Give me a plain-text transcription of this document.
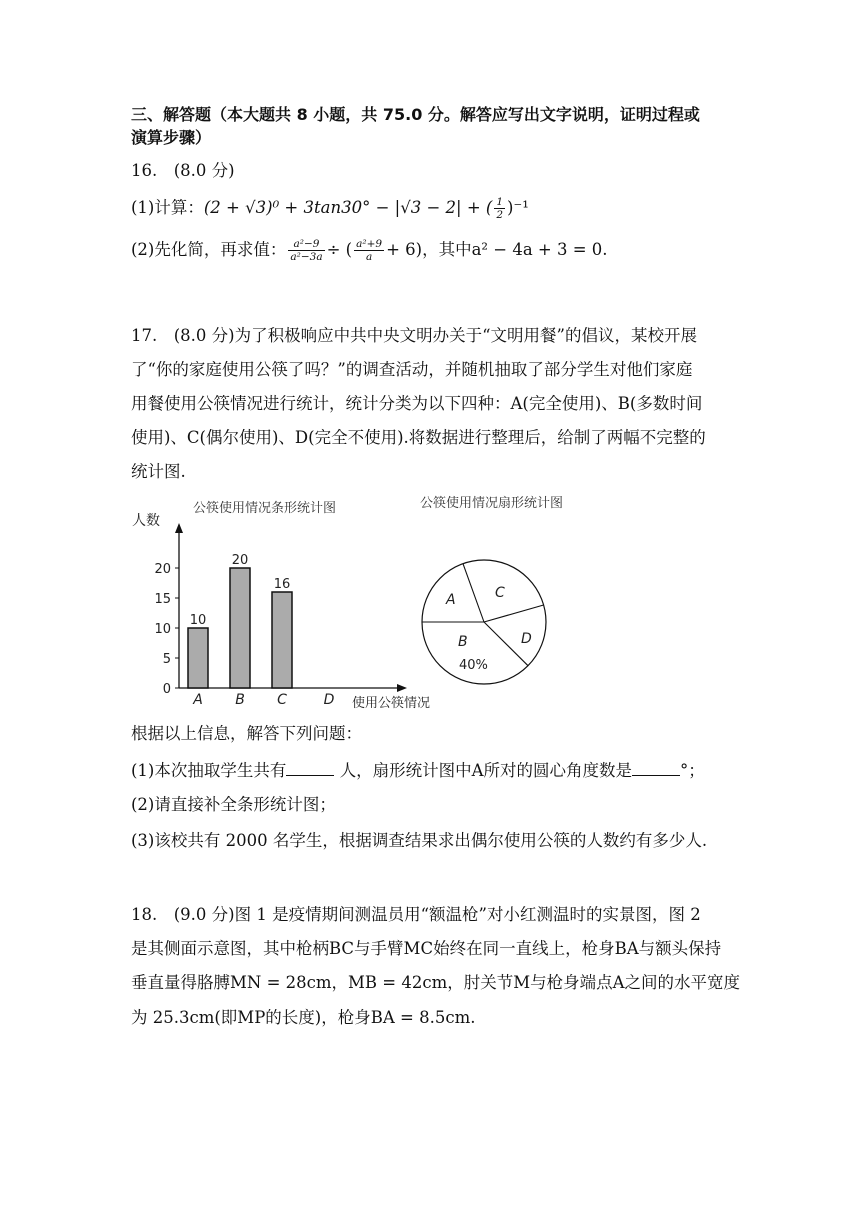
三、解答题（本大题共 8 小题，共 75.0 分。解答应写出文字说明，证明过程或
演算步骤）
16.　(8.0 分)
(1)计算：(2 + √3)⁰ + 3tan30° − |√3 − 2| + ( $\frac{1}{2} )^{-1}$
(2)先化简，再求值： $\frac{\text{a²−9}}{\text{a²−3a}}$ ÷ ( $\frac{\text{a²+9}}{a} + 6$)，其中a² − 4a + 3 = 0.
17.　(8.0 分)为了积极响应中共中央文明办关于“文明用餐”的倡议，某校开展
了“你的家庭使用公筷了吗？”的调查活动，并随机抽取了部分学生对他们家庭
用餐使用公筷情况进行统计，统计分类为以下四种：A(完全使用)、B(多数时间
使用)、C(偶尔使用)、D(完全不使用).将数据进行整理后，给制了两幅不完整的
统计图.
公筷使用情况条形统计图
人数
使用公筷情况
0
5
10
15
20
10
A
20
B
16
C	D
公筷使用情况扇形统计图
A
B
C
D
40%
根据以上信息，解答下列问题：
(1)本次抽取学生共有	人，扇形统计图中A所对的圆心角度数是	°；
(2)请直接补全条形统计图；
(3)该校共有 2000 名学生，根据调查结果求出偶尔使用公筷的人数约有多少人.
18.　(9.0 分)图 1 是疫情期间测温员用“额温枪”对小红测温时的实景图，图 2
是其侧面示意图，其中枪柄BC与手臂MC始终在同一直线上，枪身BA与额头保持
垂直量得胳膊MN = 28cm，MB = 42cm，肘关节M与枪身端点A之间的水平宽度
为 25.3cm(即MP的长度)，枪身BA = 8.5cm.
